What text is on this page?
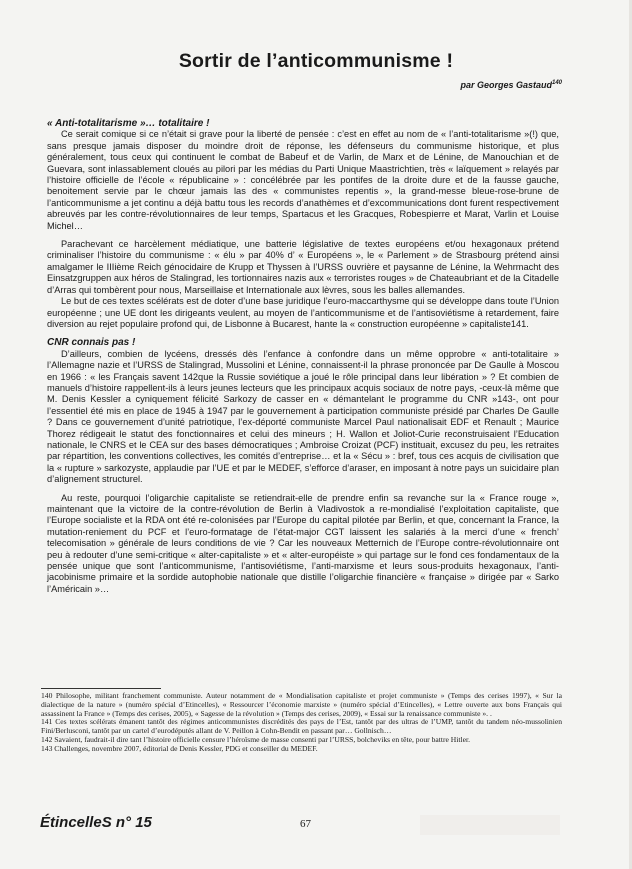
Sortir de l’anticommunisme !
par Georges Gastaud$^{140}$

« Anti-totalitarisme »… totalitaire !

Ce serait comique si ce n’était si grave pour la liberté de pensée : c’est en effet au nom de « l’anti-totalitarisme »(!) que, sans presque jamais disposer du moindre droit de réponse, les défenseurs du communisme historique, et plus généralement, tous ceux qui continuent le combat de Babeuf et de Varlin, de Marx et de Lénine, de Manouchian et de Guevara, sont inlassablement cloués au pilori par les médias du Parti Unique Maastrichtien, très « laïquement » relayés par l’histoire officielle de l’école « républicaine » : concélébrée par les pontifes de la droite dure et de la fausse gauche, benoitement servie par le chœur jamais las des « communistes repentis », la grand-messe bleue-rose-brune de l’anticommunisme a jet continu a déjà battu tous les records d’anathèmes et d’excommunications dont furent respectivement abreuvés par les contre-révolutionnaires de leur temps, Spartacus et les Gracques, Robespierre et Marat, Varlin et Louise Michel…

Parachevant ce harcèlement médiatique, une batterie législative de textes européens et/ou hexagonaux prétend criminaliser l’histoire du communisme : « élu » par 40% d’ « Européens », le « Parlement » de Strasbourg prétend ainsi amalgamer le IIIième Reich génocidaire de Krupp et Thyssen à l’URSS ouvrière et paysanne de Lénine, la Wehrmacht des Einsatzgruppen aux héros de Stalingrad, les tortionnaires nazis aux « terroristes rouges » de Chateaubriant et de la Citadelle d’Arras qui tombèrent pour nous, Marseillaise et Internationale aux lèvres, sous les balles allemandes.

Le but de ces textes scélérats est de doter d’une base juridique l’euro-maccarthysme qui se développe dans toute l’Union européenne ; une UE dont les dirigeants veulent, au moyen de l’anticommunisme et de l’antisoviétisme à retardement, faire diversion au rejet populaire profond qui, de Lisbonne à Bucarest, hante la « construction européenne » capitaliste141.

CNR connais pas !

D’ailleurs, combien de lycéens, dressés dès l’enfance à confondre dans un même opprobre « anti-totalitaire » l’Allemagne nazie et l’URSS de Stalingrad, Mussolini et Lénine, connaissent-il la phrase prononcée par De Gaulle à Moscou en 1966 : « les Français savent 142que la Russie soviétique a joué le rôle principal dans leur libération » ? Et combien de manuels d’histoire rappellent-ils à leurs jeunes lecteurs que les principaux acquis sociaux de notre pays, -ceux-là même que M. Denis Kessler a cyniquement félicité Sarkozy de casser en « démantelant le programme du CNR »143-, ont pour l’essentiel été mis en place de 1945 à 1947 par le gouvernement à participation communiste présidé par Charles De Gaulle ? Dans ce gouvernement d’unité patriotique, l’ex-déporté communiste Marcel Paul nationalisait EDF et Renault ; Maurice Thorez rédigeait le statut des fonctionnaires et celui des mineurs ; H. Wallon et Joliot-Curie reconstruisaient l’Education nationale, le CNRS et le CEA sur des bases démocratiques ; Ambroise Croizat (PCF) instituait, excusez du peu, les retraites par répartition, les conventions collectives, les comités d’entreprise… et la « Sécu » : bref, tous ces acquis de civilisation que la « rupture » sarkozyste, applaudie par l’UE et par le MEDEF, s’efforce d’araser, en imposant à notre pays un suicidaire plan d’alignement structurel.

Au reste, pourquoi l’oligarchie capitaliste se retiendrait-elle de prendre enfin sa revanche sur la « France rouge », maintenant que la victoire de la contre-révolution de Berlin à Vladivostok a re-mondialisé l’exploitation capitaliste, que l’Europe socialiste et la RDA ont été re-colonisées par l’Europe du capital pilotée par Berlin, et que, concernant la France, la mutation-reniement du PCF et l’euro-formatage de l’état-major CGT laissent les salariés à la merci d’une « french’ telecomisation » générale de leurs conditions de vie ? Car les nouveaux Metternich de l’Europe contre-révolutionnaire ont peu à redouter d’une semi-critique « alter-capitaliste » et « alter-européiste » qui partage sur le fond ces fondamentaux de la pensée unique que sont l’anticommunisme, l’antisoviétisme, l’anti-marxisme et leurs sous-produits hexagonaux, l’anti-jacobinisme primaire et la sordide autophobie nationale que distille l’oligarchie financière « française » dirigée par « Sarko l’Américain »…

140 Philosophe, militant franchement communiste. Auteur notamment de « Mondialisation capitaliste et projet communiste » (Temps des cerises 1997), « Sur la dialectique de la nature » (numéro spécial d’Etincelles), « Ressourcer l’économie marxiste » (numéro spécial d’Etincelles), « Lettre ouverte aux bons Français qui assassinent la France » (Temps des cerises, 2005), « Sagesse de la révolution » (Temps des cerises, 2009), « Essai sur la renaissance communiste ». .

141 Ces textes scélérats émanent tantôt des régimes anticommunistes discrédités des pays de l’Est, tantôt par des ultras de l’UMP, tantôt du tandem néo-mussolinien Fini/Berlusconi, tantôt par un cartel d’eurodéputés allant de V. Peillon à Cohn-Bendit en passant par… Gollnisch…

142 Savaient, faudrait-il dire tant l’histoire officielle censure l’héroïsme de masse consenti par l’URSS, bolcheviks en tête, pour battre Hitler.

143 Challenges, novembre 2007, éditorial de Denis Kessler, PDG et conseiller du MEDEF.

ÉtincelleS n° 15	67
